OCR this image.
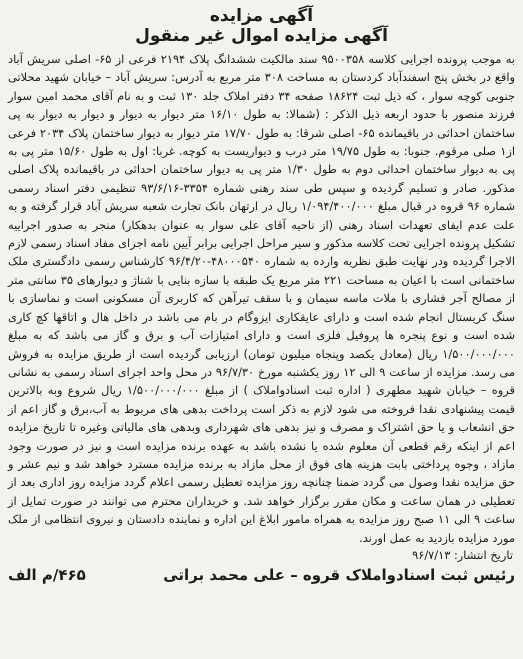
آگهی مزایده
آگهی مزایده اموال غیر منقول

به موجب پرونده اجرایی کلاسه ۹۵۰۰۳۵۸ سند مالکیت ششدانگ پلاک ۲۱۹۴ فرعی از ۶۵- اصلی سریش آباد واقع در بخش پنج اسفندآباد کردستان به مساحت ۳۰۸ متر مربع به آدرس: سریش آباد – خیابان شهید محلاتی جنوبی کوچه سوار ، که ذیل ثبت ۱۸۶۲۴ صفحه ۳۴ دفتر املاک جلد ۱۳۰ ثبت و به نام آقای محمد امین سوار فرزند منصور با حدود اربعه ذیل الذکر : (شمالا: به طول ۱۶/۱۰ متر دیوار به دیوار و دیوار به دیوار به پی ساختمان احداثی در باقیمانده ۶۵- اصلی شرقا: به طول ۱۷/۷۰ متر دیوار به دیوار ساختمان پلاک ۲۰۳۴ فرعی از۱ صلی مرقوم. جنوبا: به طول ۱۹/۷۵ متر درب و دیواریست به کوچه. غربا: اول به طول ۱۵/۶۰ متر پی به پی به دیوار ساختمان احداثی دوم به طول ۱/۳۰ متر پی به دیوار ساختمان احداثی در باقیمانده پلاک اصلی مذکور. صادر و تسلیم گردیده و سپس طی سند رهنی شماره ۳۳۵۴-۹۳/۶/۱۶ تنظیمی دفتر اسناد رسمی شماره ۹۶ قروه در قبال مبلغ ۱/۰۹۴/۴۰۰/۰۰۰ ریال در ارتهان بانک تجارت شعبه سریش آباد قرار گرفته و به علت عدم ایفای تعهدات اسناد رهنی (از ناحیه آقای علی سوار به عنوان بدهکار) منجر به صدور اجراییه تشکیل پرونده اجرایی تحت کلاسه مذکور و سیر مراحل اجرایی برابر آیین نامه اجرای مفاد اسناد رسمی لازم الاجرا گردیده ودر نهایت طبق نظریه وارده به شماره ۴۸۰۰۰۵۴۰-۹۶/۴/۲۰ کارشناس رسمی دادگستری ملک ساختمانی است با اعیان به مساحت ۲۲۱ متر مربع یک طبقه با سازه بنایی با شناژ و دیوارهای ۳۵ سانتی متر از مصالح آجر فشاری با ملات ماسه سیمان و با سقف تیرآهن که کاربری آن مسکونی است و نماسازی با سنگ کریستال انجام شده است و دارای عایقکاری ایزوگام در بام می باشد در داخل هال و اتاقها کچ کاری شده است و نوع پنجره ها پروفیل فلزی است و دارای امتیازات آب و برق و گاز می باشد که به مبلغ ۱/۵۰۰/۰۰۰/۰۰۰ ریال (معادل یکصد وپنجاه میلیون تومان) ارزیابی گردیده است از طریق مزایده به فروش می رسد. مزایده از ساعت ۹ الی ۱۲ روز یکشنبه مورخ ۹۶/۷/۳۰ در محل واحد اجرای اسناد رسمی به نشانی قروه – خیابان شهید مطهری ( اداره ثبت اسنادواملاک ) از مبلغ ۱/۵۰۰/۰۰۰/۰۰۰ ریال شروع وبه بالاترین قیمت پیشنهادی نقدا فروخته می شود لازم به ذکر است پرداخت بدهی های مربوط به آب،برق و گاز اعم از حق انشعاب و یا حق اشتراک و مصرف و نیز بدهی های شهرداری وبدهی های مالیاتی وغیره تا تاریخ مزایده اعم از اینکه رقم قطعی آن معلوم شده یا نشده باشد به عهده برنده مزایده است و نیز در صورت وجود مازاد ، وجوه پرداختی بابت هزینه های فوق از محل مازاد به برنده مزایده مسترد خواهد شد و نیم عشر و حق مزایده نقدا وصول می گردد ضمنا چنانچه روز مزایده تعطیل رسمی اعلام گردد مزایده روز اداری بعد از تعطیلی در همان ساعت و مکان مقرر برگزار خواهد شد. و خریداران محترم می توانند در صورت تمایل از ساعت ۹ الی ۱۱ صبح روز مزایده به همراه مامور ابلاغ این اداره و نماینده دادستان و نیروی انتظامی از ملک مورد مزایده بازدید به عمل اورند.

تاریخ انتشار: ۹۶/۷/۱۳

رئیس ثبت اسنادواملاک قروه – علی محمد براتی
۴۶۵/م الف
